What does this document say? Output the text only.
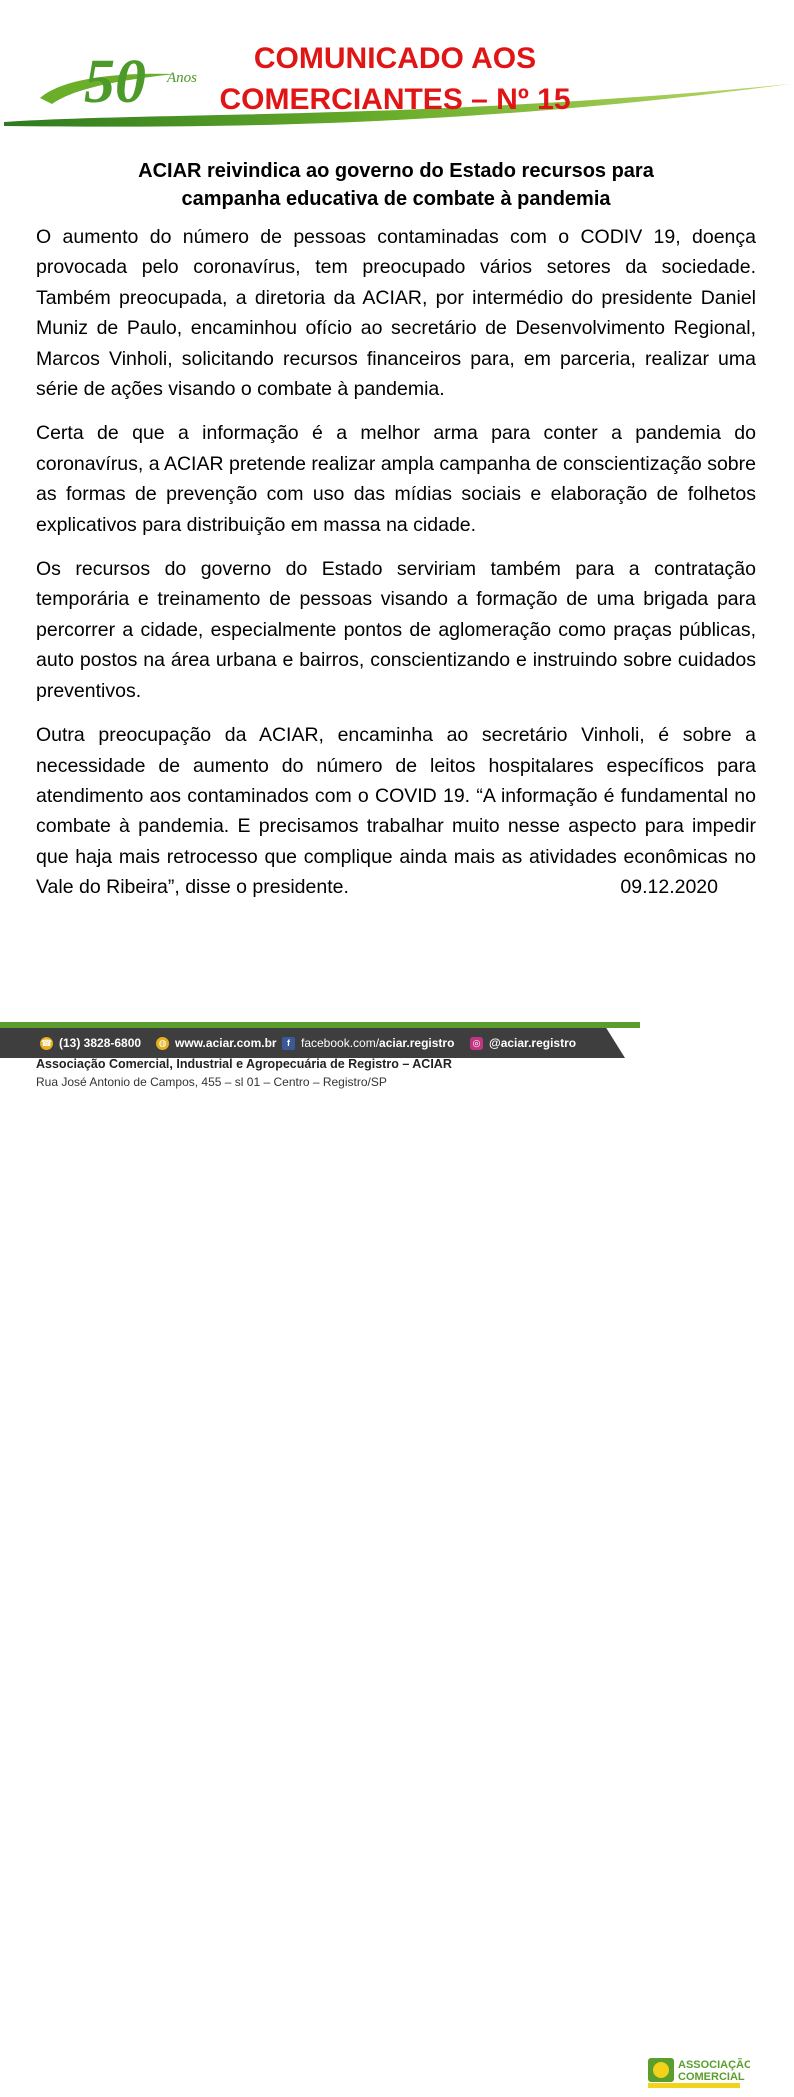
50 Anos
COMUNICADO AOS
COMERCIANTES – Nº 15
ACIAR reivindica ao governo do Estado recursos para
campanha educativa de combate à pandemia

O aumento do número de pessoas contaminadas com o CODIV 19, doença provocada pelo coronavírus, tem preocupado vários setores da sociedade. Também preocupada, a diretoria da ACIAR, por intermédio do presidente Daniel Muniz de Paulo, encaminhou ofício ao secretário de Desenvolvimento Regional, Marcos Vinholi, solicitando recursos financeiros para, em parceria, realizar uma série de ações visando o combate à pandemia.

Certa de que a informação é a melhor arma para conter a pandemia do coronavírus, a ACIAR pretende realizar ampla campanha de conscientização sobre as formas de prevenção com uso das mídias sociais e elaboração de folhetos explicativos para distribuição em massa na cidade.

Os recursos do governo do Estado serviriam também para a contratação temporária e treinamento de pessoas visando a formação de uma brigada para percorrer a cidade, especialmente pontos de aglomeração como praças públicas, auto postos na área urbana e bairros, conscientizando e instruindo sobre cuidados preventivos.

Outra preocupação da ACIAR, encaminha ao secretário Vinholi, é sobre a necessidade de aumento do número de leitos hospitalares específicos para atendimento aos contaminados com o COVID 19. “A informação é fundamental no combate à pandemia. E precisamos trabalhar muito nesse aspecto para impedir que haja mais retrocesso que complique ainda mais as atividades econômicas no Vale do Ribeira”, disse o presidente.	09.12.2020

☎ (13) 3828-6800 ◍ www.aciar.com.br	f facebook.com/ aciar.registro ◎ @aciar.registro
ASSOCIAÇÃO
COMERCIAL
Associação Comercial, Industrial e Agropecuária de Registro – ACIAR
Rua José Antonio de Campos, 455 – sl 01 – Centro – Registro/SP
